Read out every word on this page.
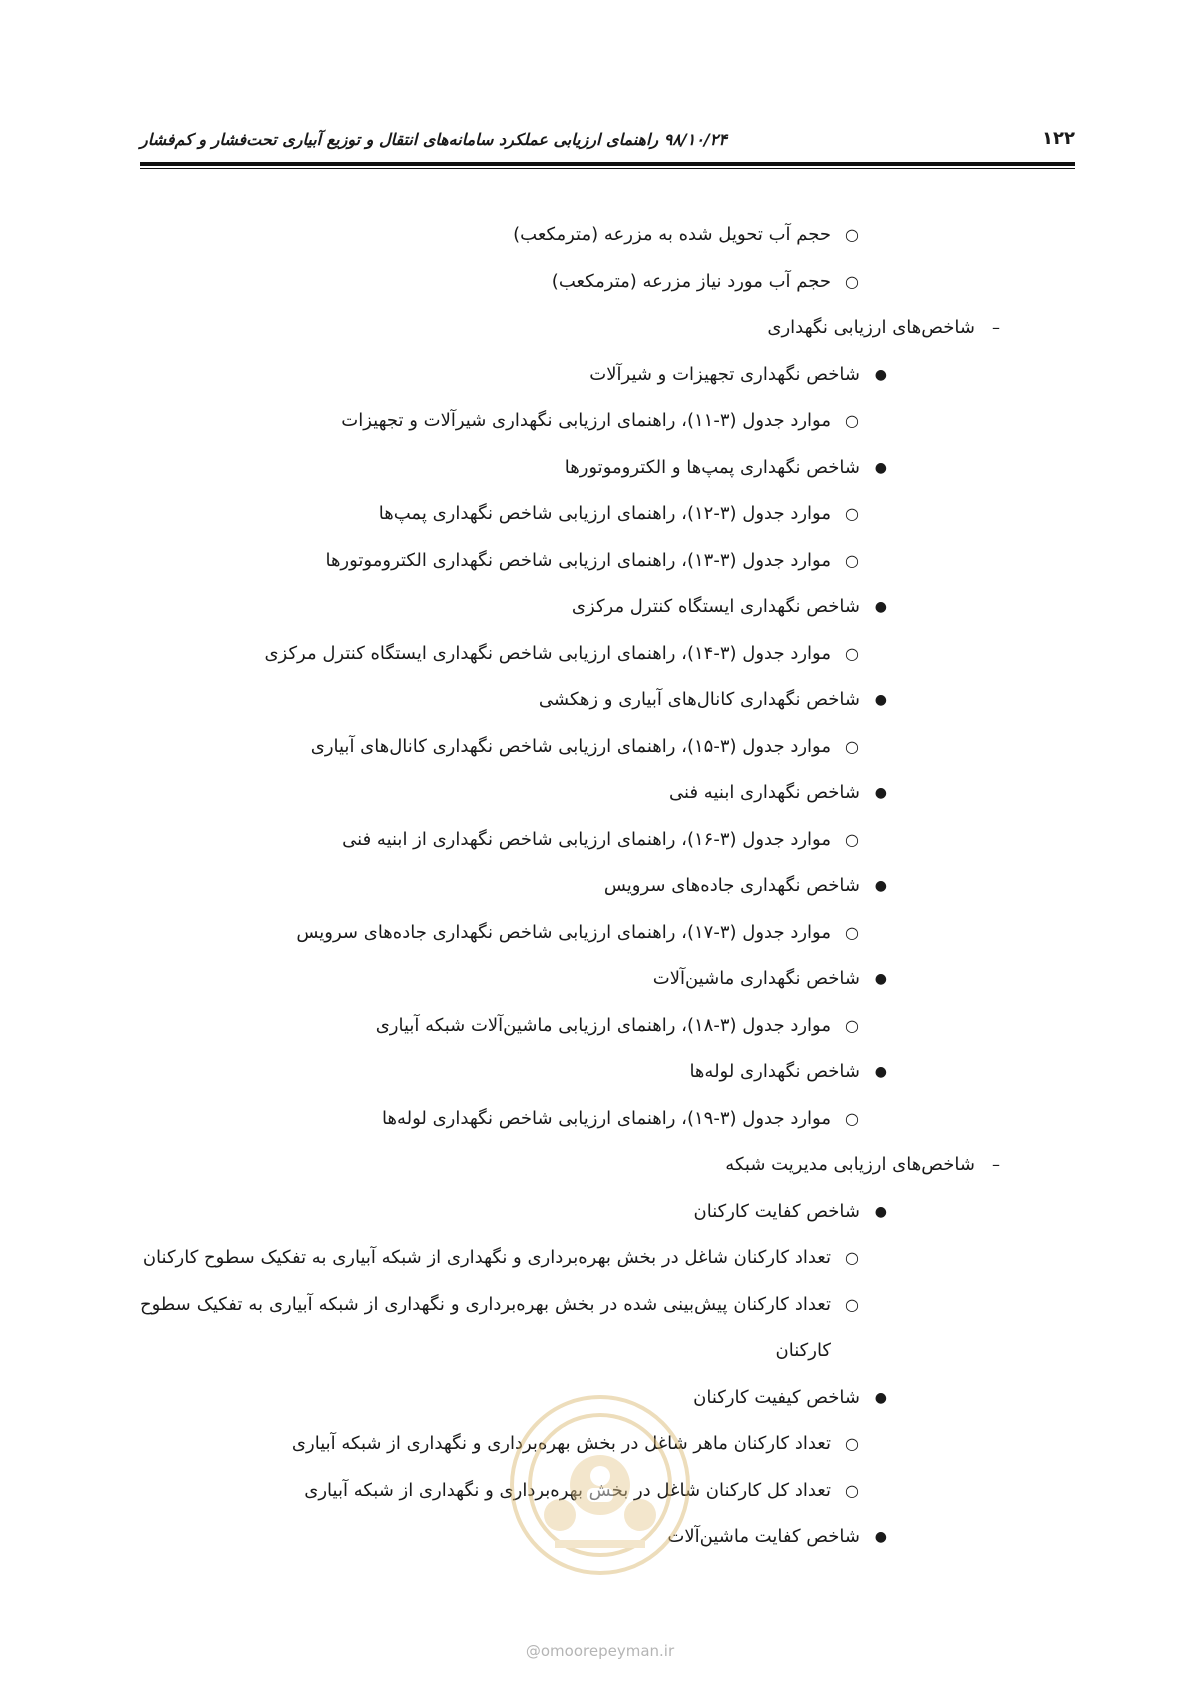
۱۲۲
۹۸/۱۰/۲۴ راهنمای ارزیابی عملکرد سامانه‌های انتقال و توزیع آبیاری تحت‌فشار و کم‌فشار
○
حجم آب تحویل شده به مزرعه (مترمکعب)
○
حجم آب مورد نیاز مزرعه (مترمکعب)
–
شاخص‌های ارزیابی نگهداری
●
شاخص نگهداری تجهیزات و شیرآلات
○
موارد جدول (۳-۱۱)، راهنمای ارزیابی نگهداری شیرآلات و تجهیزات
●
شاخص نگهداری پمپ‌ها و الکتروموتورها
○
موارد جدول (۳-۱۲)، راهنمای ارزیابی شاخص نگهداری پمپ‌ها
○
موارد جدول (۳-۱۳)، راهنمای ارزیابی شاخص نگهداری الکتروموتورها
●
شاخص نگهداری ایستگاه کنترل مرکزی
○
موارد جدول (۳-۱۴)، راهنمای ارزیابی شاخص نگهداری ایستگاه کنترل مرکزی
●
شاخص نگهداری کانال‌های آبیاری و زهکشی
○
موارد جدول (۳-۱۵)، راهنمای ارزیابی شاخص نگهداری کانال‌های آبیاری
●
شاخص نگهداری ابنیه فنی
○
موارد جدول (۳-۱۶)، راهنمای ارزیابی شاخص نگهداری از ابنیه فنی
●
شاخص نگهداری جاده‌های سرویس
○
موارد جدول (۳-۱۷)، راهنمای ارزیابی شاخص نگهداری جاده‌های سرویس
●
شاخص نگهداری ماشین‌آلات
○
موارد جدول (۳-۱۸)، راهنمای ارزیابی ماشین‌آلات شبکه آبیاری
●
شاخص نگهداری لوله‌ها
○
موارد جدول (۳-۱۹)، راهنمای ارزیابی شاخص نگهداری لوله‌ها
–
شاخص‌های ارزیابی مدیریت شبکه
●
شاخص کفایت کارکنان
○
تعداد کارکنان شاغل در بخش بهره‌برداری و نگهداری از شبکه آبیاری به تفکیک سطوح کارکنان
○
تعداد کارکنان پیش‌بینی شده در بخش بهره‌برداری و نگهداری از شبکه آبیاری به تفکیک سطوح
کارکنان
●
شاخص کیفیت کارکنان
○
تعداد کارکنان ماهر شاغل در بخش بهره‌برداری و نگهداری از شبکه آبیاری
○
تعداد کل کارکنان شاغل در بخش بهره‌برداری و نگهداری از شبکه آبیاری
●
شاخص کفایت ماشین‌آلات
@omoorepeyman.ir
